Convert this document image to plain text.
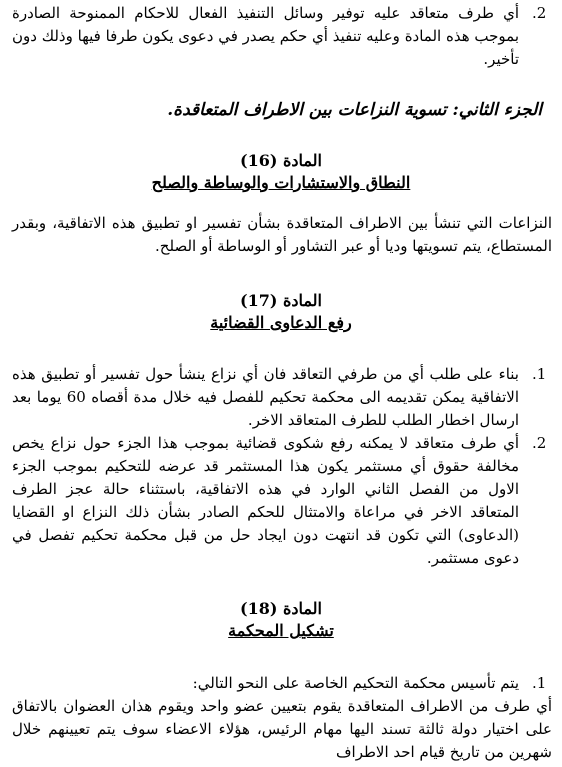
2.
أي طرف متعاقد عليه توفير وسائل التنفيذ الفعال للاحكام الممنوحة الصادرة بموجب هذه المادة وعليه تنفيذ أي حكم يصدر في دعوى يكون طرفا فيها وذلك دون تأخير.
الجزء الثاني: تسوية النزاعات بين الاطراف المتعاقدة.
المادة (16)
النطاق والاستشارات والوساطة والصلح
النزاعات التي تنشأ بين الاطراف المتعاقدة بشأن تفسير او تطبيق هذه الاتفاقية، وبقدر المستطاع، يتم تسويتها وديا أو عبر التشاور أو الوساطة أو الصلح.
المادة (17)
رفع الدعاوى القضائية
1.
بناء على طلب أي من طرفي التعاقد فان أي نزاع ينشأ حول تفسير أو تطبيق هذه الاتفاقية يمكن تقديمه الى محكمة تحكيم للفصل فيه خلال مدة أقصاه 60 يوما بعد ارسال اخطار الطلب للطرف المتعاقد الاخر.
2.
أي طرف متعاقد لا يمكنه رفع شكوى قضائية بموجب هذا الجزء حول نزاع يخص مخالفة حقوق أي مستثمر يكون هذا المستثمر قد عرضه للتحكيم بموجب الجزء الاول من الفصل الثاني الوارد في هذه الاتفاقية، باستثناء حالة عجز الطرف المتعاقد الاخر في مراعاة والامتثال للحكم الصادر بشأن ذلك النزاع او القضايا (الدعاوى) التي تكون قد انتهت دون ايجاد حل من قبل محكمة تحكيم تفصل في دعوى مستثمر.
المادة (18)
تشكيل المحكمة
1.
يتم تأسيس محكمة التحكيم الخاصة على النحو التالي:
أي طرف من الاطراف المتعاقدة يقوم بتعيين عضو واحد ويقوم هذان العضوان بالاتفاق على اختيار دولة ثالثة تسند اليها مهام الرئيس، هؤلاء الاعضاء سوف يتم تعيينهم خلال شهرين من تاريخ قيام احد الاطراف
